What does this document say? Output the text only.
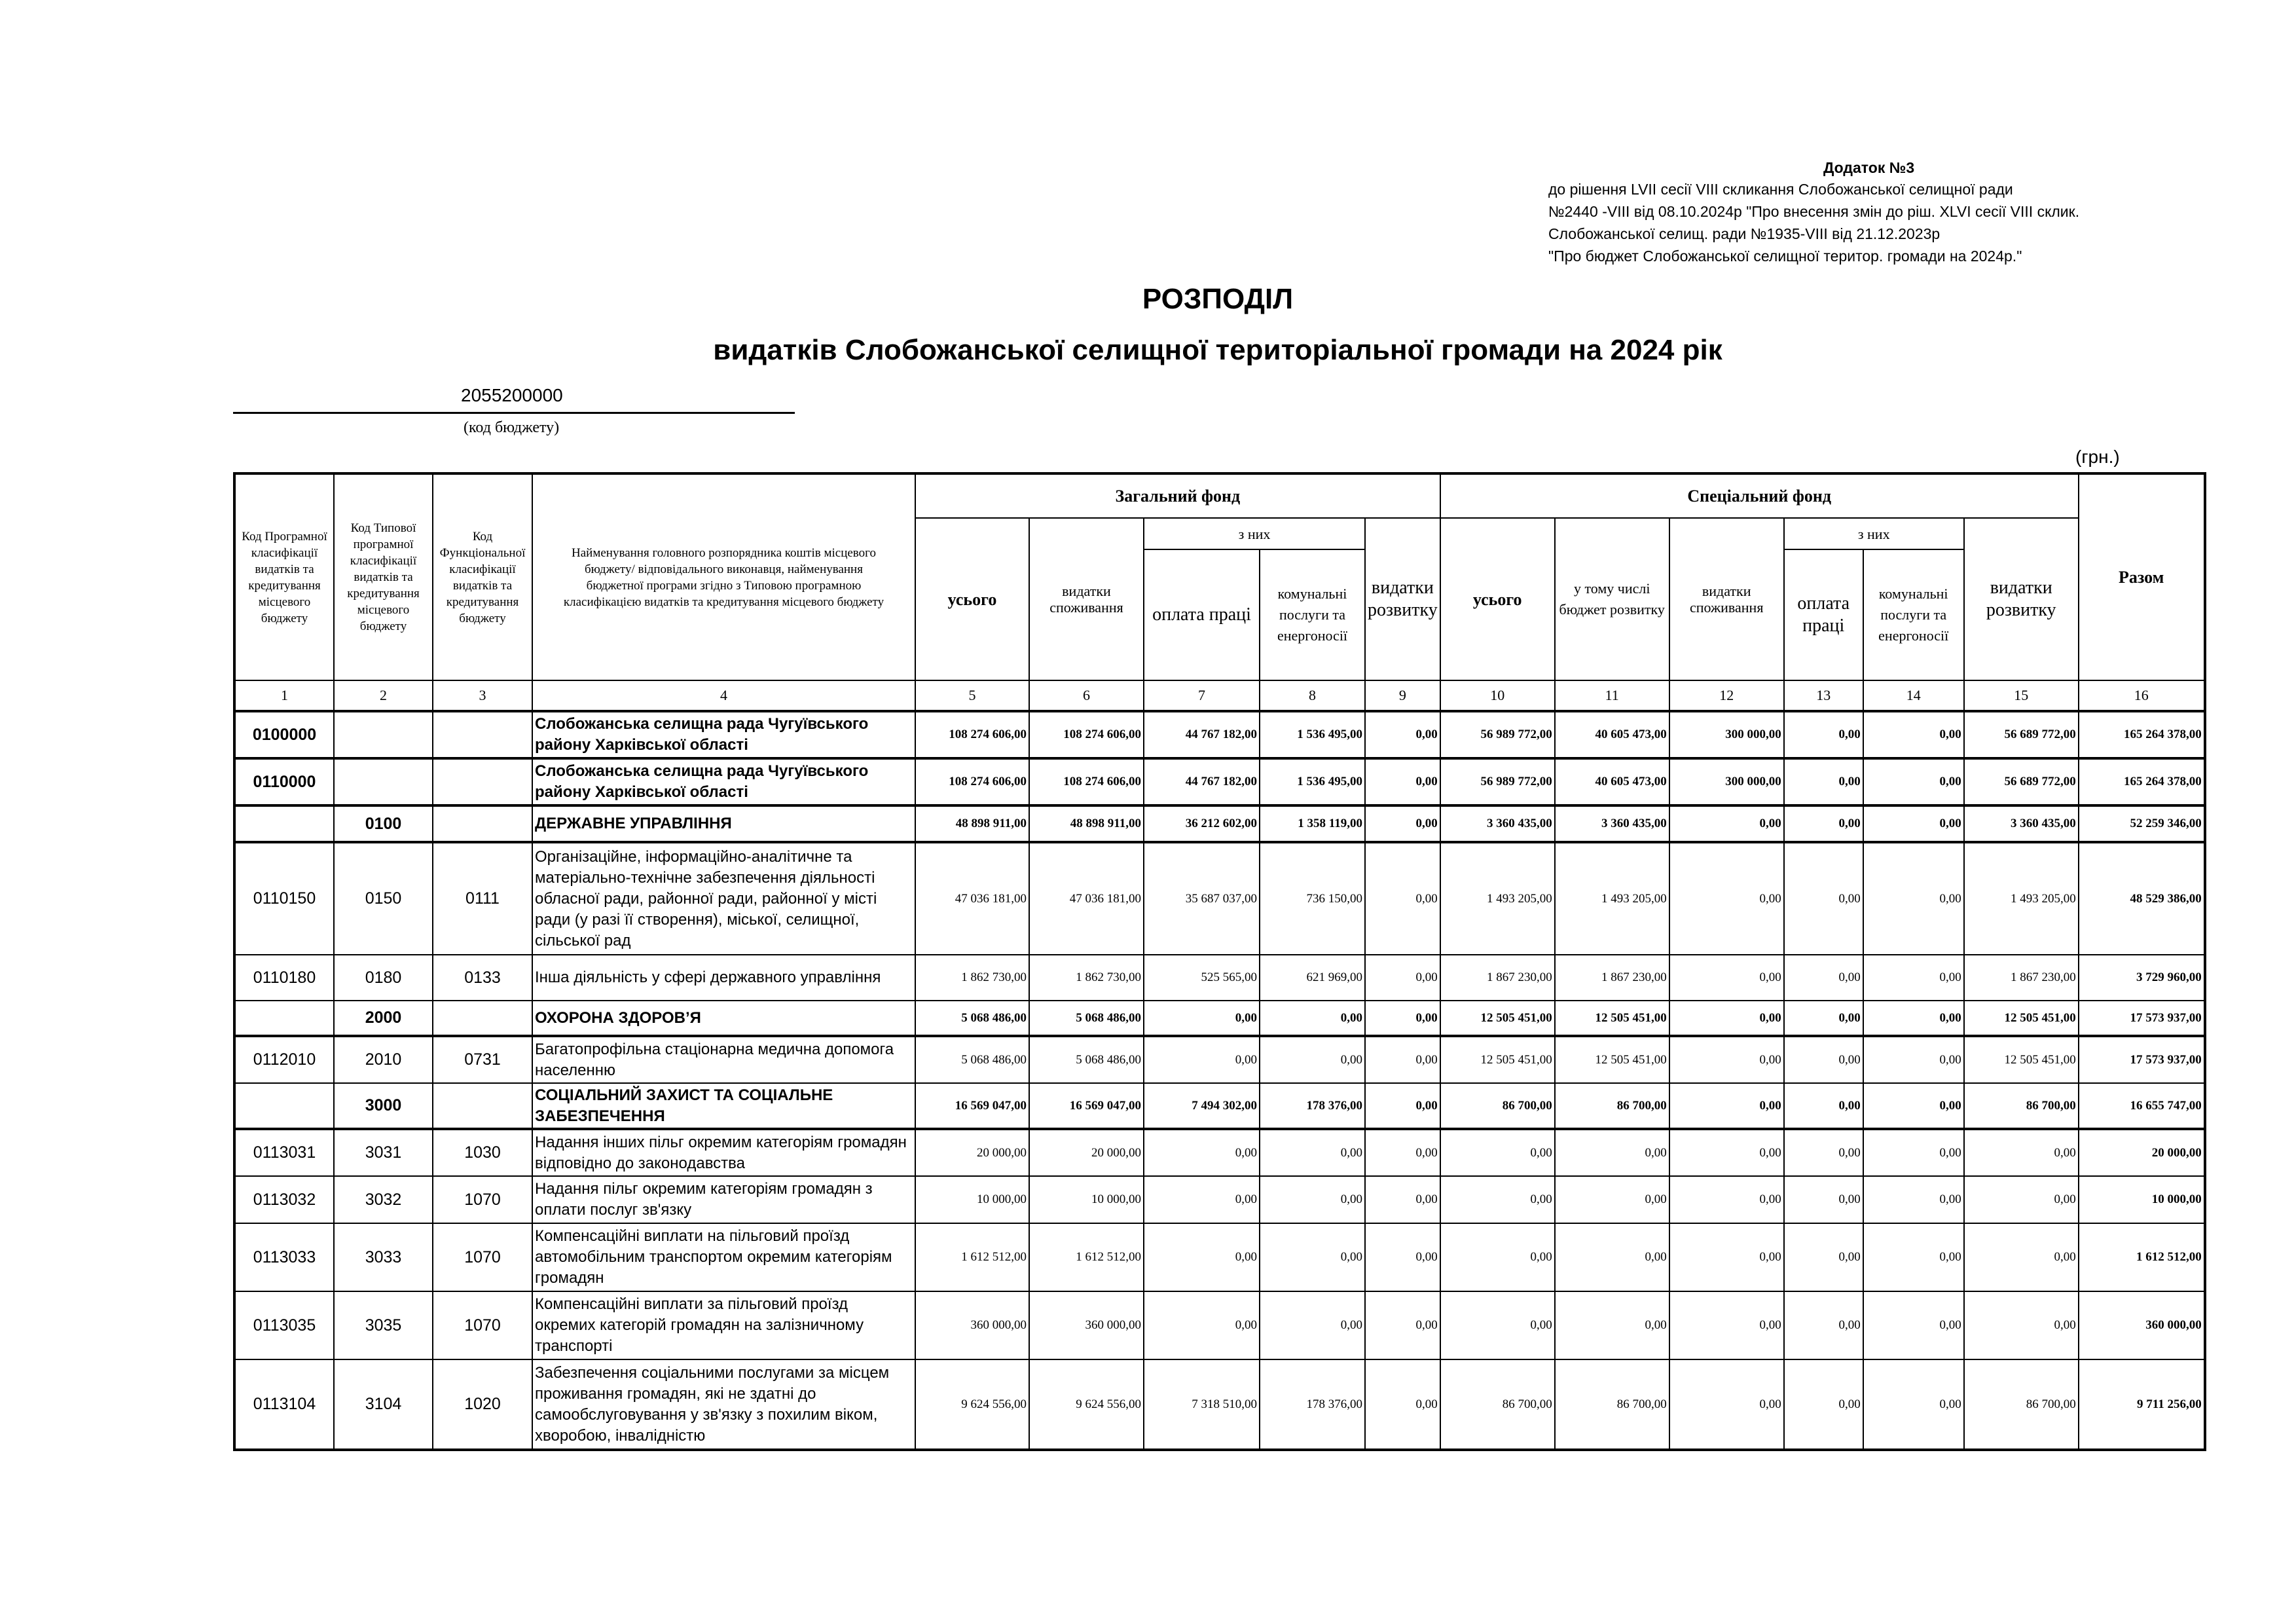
Додаток №3
до рішення LVII сесії VIII скликання Слобожанської селищної ради
№2440 -VIII від 08.10.2024р "Про внесення змін до ріш. XLVI сесії VIII склик.
Слобожанської селищ. ради №1935-VIII від 21.12.2023р
"Про бюджет Слобожанської селищної територ. громади на 2024р."
РОЗПОДІЛ
видатків Слобожанської селищної територіальної громади на 2024 рік
2055200000
(код бюджету)
(грн.)
Код Програмної класифікації видатків та кредитування місцевого бюджету	Код Типової програмної класифікації видатків та кредитування місцевого бюджету	Код Функціональної класифікації видатків та кредитування бюджету	Найменування головного розпорядника коштів місцевого бюджету/ відповідального виконавця, найменування бюджетної програми згідно з Типовою програмною класифікацією видатків та кредитування місцевого бюджету	Загальний фонд					Спеціальний фонд						Разом
				усього	видатки споживання	з них		видатки розвитку	усього	у тому числі бюджет розвитку	видатки споживання	з них		видатки розвитку	
						оплата праці	комунальні послуги та енергоносії					оплата праці	комунальні послуги та енергоносії		
1	2	3	4	5	6	7	8	9	10	11	12	13	14	15	16
0100000			Слобожанська селищна рада Чугуївського району Харківської області	108 274 606,00	108 274 606,00	44 767 182,00	1 536 495,00	0,00	56 989 772,00	40 605 473,00	300 000,00	0,00	0,00	56 689 772,00	165 264 378,00
0110000			Слобожанська селищна рада Чугуївського району Харківської області	108 274 606,00	108 274 606,00	44 767 182,00	1 536 495,00	0,00	56 989 772,00	40 605 473,00	300 000,00	0,00	0,00	56 689 772,00	165 264 378,00
	0100		ДЕРЖАВНЕ УПРАВЛІННЯ	48 898 911,00	48 898 911,00	36 212 602,00	1 358 119,00	0,00	3 360 435,00	3 360 435,00	0,00	0,00	0,00	3 360 435,00	52 259 346,00
0110150	0150	0111	Організаційне, інформаційно-аналітичне та матеріально-технічне забезпечення діяльності обласної ради, районної ради, районної у місті ради (у разі її створення), міської, селищної, сільської рад	47 036 181,00	47 036 181,00	35 687 037,00	736 150,00	0,00	1 493 205,00	1 493 205,00	0,00	0,00	0,00	1 493 205,00	48 529 386,00
0110180	0180	0133	Інша діяльність у сфері державного управління	1 862 730,00	1 862 730,00	525 565,00	621 969,00	0,00	1 867 230,00	1 867 230,00	0,00	0,00	0,00	1 867 230,00	3 729 960,00
	2000		ОХОРОНА ЗДОРОВ’Я	5 068 486,00	5 068 486,00	0,00	0,00	0,00	12 505 451,00	12 505 451,00	0,00	0,00	0,00	12 505 451,00	17 573 937,00
0112010	2010	0731	Багатопрофільна стаціонарна медична допомога населенню	5 068 486,00	5 068 486,00	0,00	0,00	0,00	12 505 451,00	12 505 451,00	0,00	0,00	0,00	12 505 451,00	17 573 937,00
	3000		СОЦІАЛЬНИЙ ЗАХИСТ ТА СОЦІАЛЬНЕ ЗАБЕЗПЕЧЕННЯ	16 569 047,00	16 569 047,00	7 494 302,00	178 376,00	0,00	86 700,00	86 700,00	0,00	0,00	0,00	86 700,00	16 655 747,00
0113031	3031	1030	Надання інших пільг окремим категоріям громадян відповідно до законодавства	20 000,00	20 000,00	0,00	0,00	0,00	0,00	0,00	0,00	0,00	0,00	0,00	20 000,00
0113032	3032	1070	Надання пільг окремим категоріям громадян з оплати послуг зв'язку	10 000,00	10 000,00	0,00	0,00	0,00	0,00	0,00	0,00	0,00	0,00	0,00	10 000,00
0113033	3033	1070	Компенсаційні виплати на пільговий проїзд автомобільним транспортом окремим категоріям громадян	1 612 512,00	1 612 512,00	0,00	0,00	0,00	0,00	0,00	0,00	0,00	0,00	0,00	1 612 512,00
0113035	3035	1070	Компенсаційні виплати за пільговий проїзд окремих категорій громадян на залізничному транспорті	360 000,00	360 000,00	0,00	0,00	0,00	0,00	0,00	0,00	0,00	0,00	0,00	360 000,00
0113104	3104	1020	Забезпечення соціальними послугами за місцем проживання громадян, які не здатні до самообслуговування у зв'язку з похилим віком, хворобою, інвалідністю	9 624 556,00	9 624 556,00	7 318 510,00	178 376,00	0,00	86 700,00	86 700,00	0,00	0,00	0,00	86 700,00	9 711 256,00
